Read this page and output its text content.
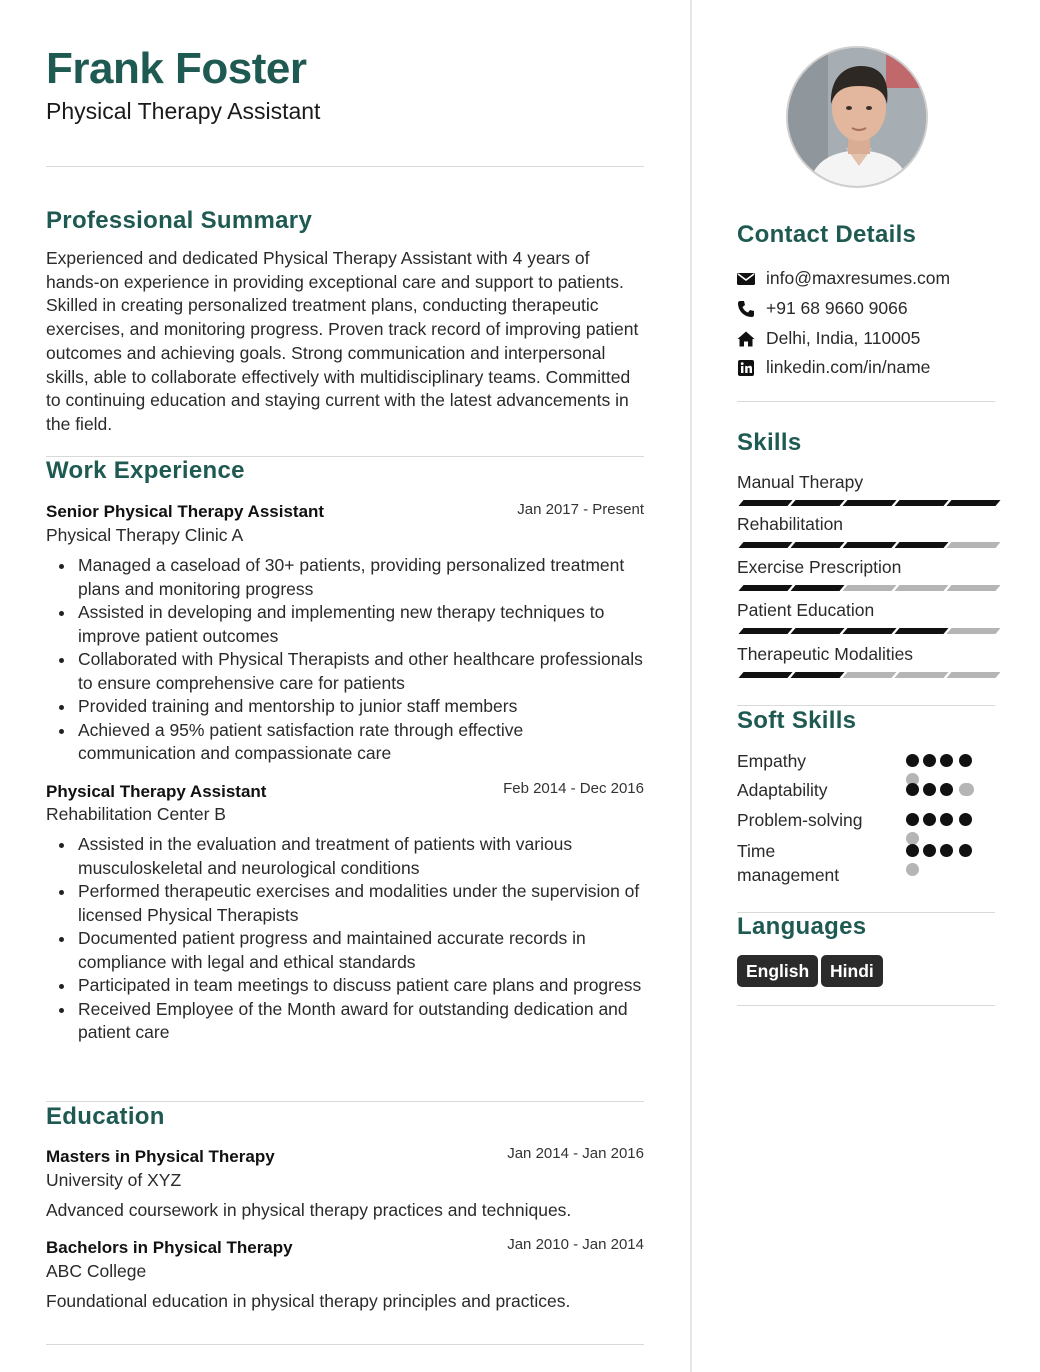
Frank Foster
Physical Therapy Assistant
Professional Summary
Experienced and dedicated Physical Therapy Assistant with 4 years of hands-on experience in providing exceptional care and support to patients. Skilled in creating personalized treatment plans, conducting therapeutic exercises, and monitoring progress. Proven track record of improving patient outcomes and achieving goals. Strong communication and interpersonal skills, able to collaborate effectively with multidisciplinary teams. Committed to continuing education and staying current with the latest advancements in the field.
Work Experience
Senior Physical Therapy Assistant	Jan 2017 - Present
Physical Therapy Clinic A
Managed a caseload of 30+ patients, providing personalized treatment plans and monitoring progress
Assisted in developing and implementing new therapy techniques to improve patient outcomes
Collaborated with Physical Therapists and other healthcare professionals to ensure comprehensive care for patients
Provided training and mentorship to junior staff members
Achieved a 95% patient satisfaction rate through effective communication and compassionate care
Physical Therapy Assistant	Feb 2014 - Dec 2016
Rehabilitation Center B
Assisted in the evaluation and treatment of patients with various musculoskeletal and neurological conditions
Performed therapeutic exercises and modalities under the supervision of licensed Physical Therapists
Documented patient progress and maintained accurate records in compliance with legal and ethical standards
Participated in team meetings to discuss patient care plans and progress
Received Employee of the Month award for outstanding dedication and patient care
Education
Masters in Physical Therapy	Jan 2014 - Jan 2016
University of XYZ
Advanced coursework in physical therapy practices and techniques.
Bachelors in Physical Therapy	Jan 2010 - Jan 2014
ABC College
Foundational education in physical therapy principles and practices.
Contact Details
info@maxresumes.com
+91 68 9660 9066
Delhi, India, 110005
linkedin.com/in/name
Skills
Manual Therapy
Rehabilitation
Exercise Prescription
Patient Education
Therapeutic Modalities
Soft Skills
Empathy
Adaptability
Problem-solving
Time management
Languages
English	Hindi
